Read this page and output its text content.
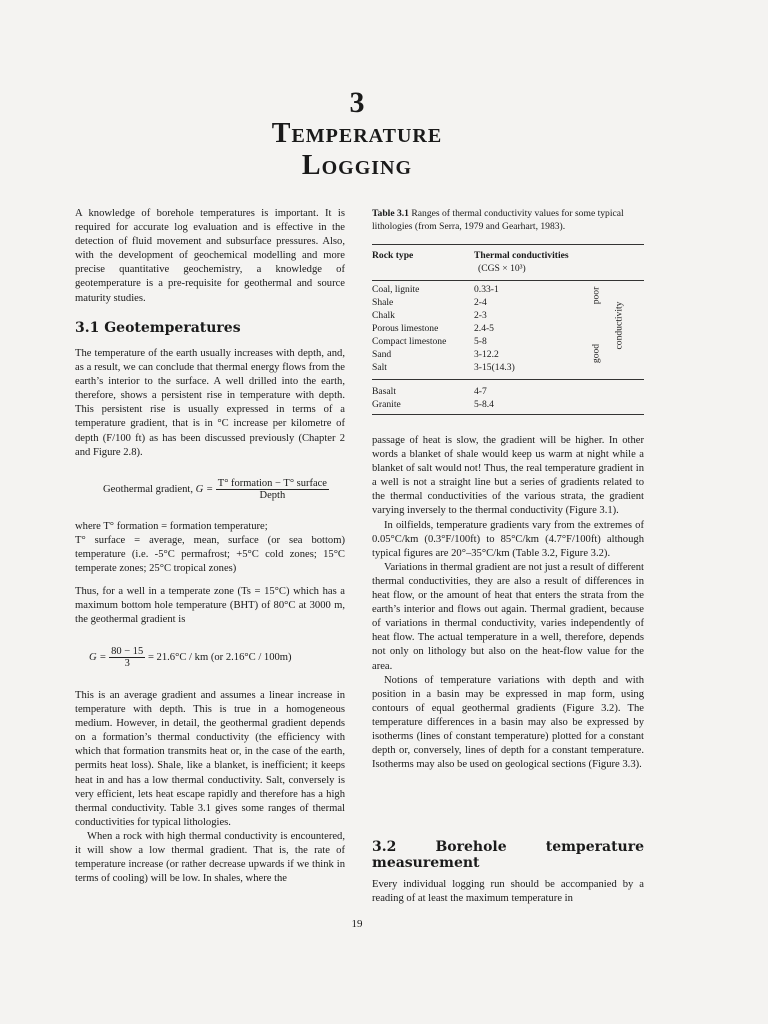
3
Temperature
Logging

A knowledge of borehole temperatures is important. It is required for accurate log evaluation and is effective in the detection of fluid movement and subsurface pressures. Also, with the development of geochemical modelling and more precise quantitative geochemistry, a knowledge of geotemperature is a pre-requisite for geothermal and source maturity studies.

3.1 Geotemperatures

The temperature of the earth usually increases with depth, and, as a result, we can conclude that thermal energy flows from the earth’s interior to the surface. A well drilled into the earth, therefore, shows a persistent rise in temperature with depth. This persistent rise is usually expressed in terms of a temperature gradient, that is in °C increase per kilometre of depth (F/100 ft) as has been discussed previously (Chapter 2 and Figure 2.8).

Geothermal gradient, $G = \frac{\text{T° formation − T° surface}}{\text{Depth}}$

where T° formation = formation temperature;

T° surface = average, mean, surface (or sea bottom) temperature (i.e. -5°C permafrost; +5°C cold zones; 15°C temperate zones; 25°C tropical zones)

Thus, for a well in a temperate zone (Ts = 15°C) which has a maximum bottom hole temperature (BHT) of 80°C at 3000 m, the geothermal gradient is

$G = \frac{80 - 15}{3} = 21.6^\circ C$ / km (or 2.16°C / 100m)

This is an average gradient and assumes a linear increase in temperature with depth. This is true in a homogeneous medium. However, in detail, the geothermal gradient depends on a formation’s thermal conductivity (the efficiency with which that formation transmits heat or, in the case of the earth, permits heat loss). Shale, like a blanket, is inefficient; it keeps heat in and has a low thermal conductivity. Salt, conversely is very efficient, lets heat escape rapidly and therefore has a high thermal conductivity. Table 3.1 gives some ranges of thermal conductivities for typical lithologies.

When a rock with high thermal conductivity is encountered, it will show a low thermal gradient. That is, the rate of temperature increase (or rather decrease upwards if we think in terms of cooling) will be low. In shales, where the

Table 3.1 Ranges of thermal conductivity values for some typical lithologies (from Serra, 1979 and Gearhart, 1983).
Rock type	Thermal conductivities
(CGS × 10³)
Coal, lignite	0.33-1
Shale	2-4
Chalk	2-3
Porous limestone	2.4-5
Compact limestone	5-8
Sand	3-12.2
Salt	3-15(14.3)
Basalt	4-7
Granite	5-8.4
poor
good
conductivity

passage of heat is slow, the gradient will be higher. In other words a blanket of shale would keep us warm at night while a blanket of salt would not! Thus, the real temperature gradient in a well is not a straight line but a series of gradients related to the thermal conductivities of the various strata, the gradient varying inversely to the thermal conductivity (Figure 3.1).

In oilfields, temperature gradients vary from the extremes of 0.05°C/km (0.3°F/100ft) to 85°C/km (4.7°F/100ft) although typical figures are 20°–35°C/km (Table 3.2, Figure 3.2).

Variations in thermal gradient are not just a result of different thermal conductivities, they are also a result of differences in heat flow, or the amount of heat that enters the strata from the earth’s interior and flows out again. Thermal gradient, because of variations in thermal conductivity, varies independently of heat flow. The actual temperature in a well, therefore, depends not only on lithology but also on the heat-flow value for the area.

Notions of temperature variations with depth and with position in a basin may be expressed in map form, using contours of equal geothermal gradients (Figure 3.2). The temperature differences in a basin may also be expressed by isotherms (lines of constant temperature) plotted for a constant depth or, conversely, lines of depth for a constant temperature. Isotherms may also be used on geological sections (Figure 3.3).

3.2 Borehole temperature measurement

Every individual logging run should be accompanied by a reading of at least the maximum temperature in

19
